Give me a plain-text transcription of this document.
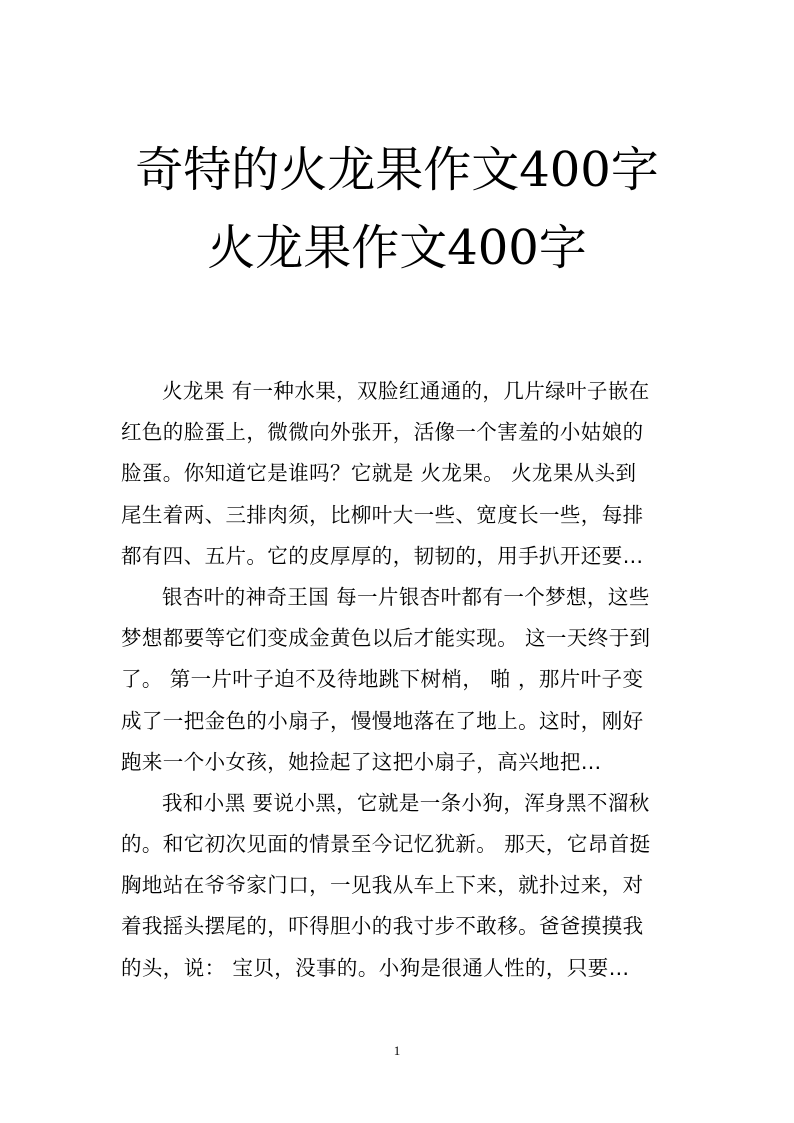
奇特的火龙果作文400字
火龙果作文400字
火龙果 有一种水果，双脸红通通的，几片绿叶子嵌在
红色的脸蛋上，微微向外张开，活像一个害羞的小姑娘的
脸蛋。你知道它是谁吗？它就是 火龙果。 火龙果从头到
尾生着两、三排肉须，比柳叶大一些、宽度长一些，每排
都有四、五片。它的皮厚厚的，韧韧的，用手扒开还要…
银杏叶的神奇王国 每一片银杏叶都有一个梦想，这些
梦想都要等它们变成金黄色以后才能实现。 这一天终于到
了。 第一片叶子迫不及待地跳下树梢， 啪 ，那片叶子变
成了一把金色的小扇子，慢慢地落在了地上。这时，刚好
跑来一个小女孩，她捡起了这把小扇子，高兴地把…
我和小黑 要说小黑，它就是一条小狗，浑身黑不溜秋
的。和它初次见面的情景至今记忆犹新。 那天，它昂首挺
胸地站在爷爷家门口，一见我从车上下来，就扑过来，对
着我摇头摆尾的，吓得胆小的我寸步不敢移。爸爸摸摸我
的头，说： 宝贝，没事的。小狗是很通人性的，只要…
1
